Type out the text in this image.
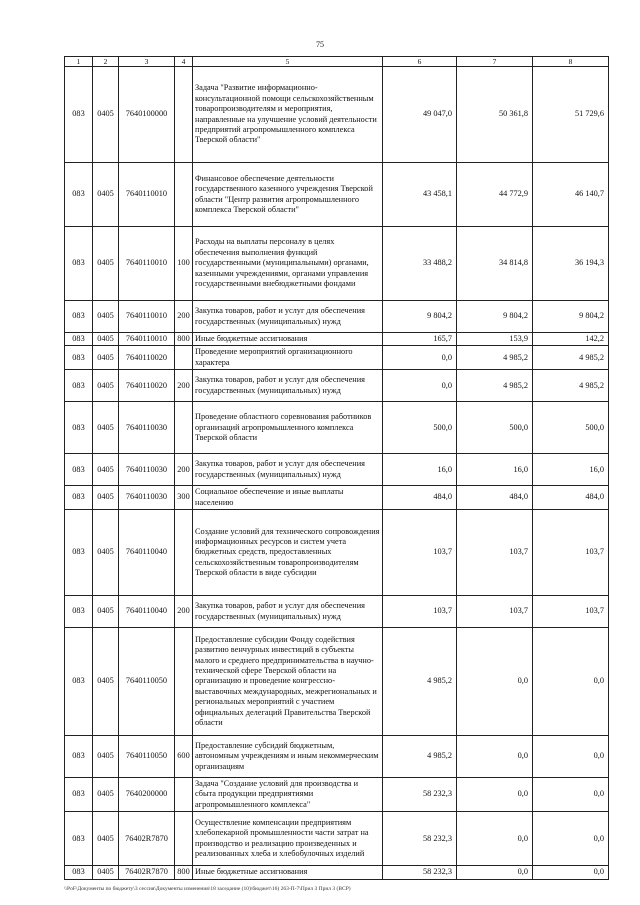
75
1	2	3	4	5	6	7	8
083	0405	7640100000		Задача "Развитие информационно-консультационной помощи сельскохозяйственным товаропроизводителям и мероприятия, направленные на улучшение условий деятельности предприятий агропромышленного комплекса Тверской области"	49 047,0	50 361,8	51 729,6
083	0405	7640110010		Финансовое обеспечение деятельности государственного казенного учреждения Тверской области "Центр развития агропромышленного комплекса Тверской области"	43 458,1	44 772,9	46 140,7
083	0405	7640110010	100	Расходы на выплаты персоналу в целях обеспечения выполнения функций государственными (муниципальными) органами, казенными учреждениями, органами управления государственными внебюджетными фондами	33 488,2	34 814,8	36 194,3
083	0405	7640110010	200	Закупка товаров, работ и услуг для обеспечения государственных (муниципальных) нужд	9 804,2	9 804,2	9 804,2
083	0405	7640110010	800	Иные бюджетные ассигнования	165,7	153,9	142,2
083	0405	7640110020		Проведение мероприятий организационного характера	0,0	4 985,2	4 985,2
083	0405	7640110020	200	Закупка товаров, работ и услуг для обеспечения государственных (муниципальных) нужд	0,0	4 985,2	4 985,2
083	0405	7640110030		Проведение областного соревнования работников организаций агропромышленного комплекса Тверской области	500,0	500,0	500,0
083	0405	7640110030	200	Закупка товаров, работ и услуг для обеспечения государственных (муниципальных) нужд	16,0	16,0	16,0
083	0405	7640110030	300	Социальное обеспечение и иные выплаты населению	484,0	484,0	484,0
083	0405	7640110040		Создание условий для технического сопровождения информационных ресурсов и систем учета бюджетных средств, предоставленных сельскохозяйственным товаропроизводителям Тверской области в виде субсидии	103,7	103,7	103,7
083	0405	7640110040	200	Закупка товаров, работ и услуг для обеспечения государственных (муниципальных) нужд	103,7	103,7	103,7
083	0405	7640110050		Предоставление субсидии Фонду содействия развитию венчурных инвестиций в субъекты малого и среднего предпринимательства в научно-технической сфере Тверской области на организацию и проведение конгрессно-выставочных международных, межрегиональных и региональных мероприятий с участием официальных делегаций Правительства Тверской области	4 985,2	0,0	0,0
083	0405	7640110050	600	Предоставление субсидий бюджетным, автономным учреждениям и иным некоммерческим организациям	4 985,2	0,0	0,0
083	0405	7640200000		Задача "Создание условий для производства и сбыта продукции предприятиями агропромышленного комплекса"	58 232,3	0,0	0,0
083	0405	76402R7870		Осуществление компенсации предприятиям хлебопекарной промышленности части затрат на производство и реализацию произведенных и реализованных хлеба и хлебобулочных изделий	58 232,3	0,0	0,0
083	0405	76402R7870	800	Иные бюджетные ассигнования	58 232,3	0,0	0,0
\\PoF\Документы по бюджету\3 сессия\Документы изменения\18 заседание (10)\бюджет\16) 263-П-7\Прил 3 Прил 3 (ВСР)
